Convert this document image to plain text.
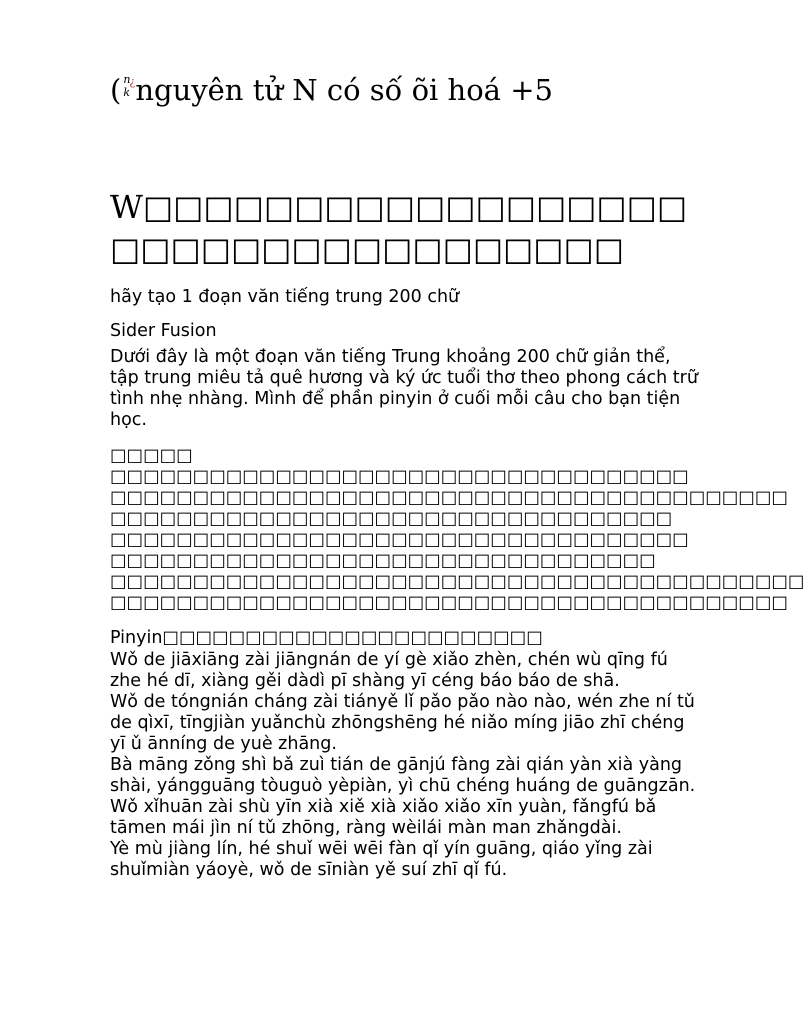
( n
¿
k nguyên tử N có số õi hoá +5
W□□□□□□□□□□□□□□□□□□□□□□□□□□□□□□□□□□□
hãy tạo 1 đoạn văn tiếng trung 200 chữ
Sider Fusion
Dưới đây là một đoạn văn tiếng Trung khoảng 200 chữ giản thể, tập trung miêu tả quê hương và ký ức tuổi thơ theo phong cách trữ tình nhẹ nhàng. Mình để phần pinyin ở cuối mỗi câu cho bạn tiện học.
□□□□□
□□□□□□□□□□□□□□□□□□□□□□□□□□□□□□□□□□□
□□□□□□□□□□□□□□□□□□□□□□□□□□□□□□□□□□□□□□□□□
□□□□□□□□□□□□□□□□□□□□□□□□□□□□□□□□□□
□□□□□□□□□□□□□□□□□□□□□□□□□□□□□□□□□□□
□□□□□□□□□□□□□□□□□□□□□□□□□□□□□□□□□
□□□□□□□□□□□□□□□□□□□□□□□□□□□□□□□□□□□□□□□□□□
□□□□□□□□□□□□□□□□□□□□□□□□□□□□□□□□□□□□□□□□□
Pinyin□□□□□□□□□□□□□□□□□□□□□□□

Wǒ de jiāxiāng zài jiāngnán de yí gè xiǎo zhèn, chén wù qīng fú zhe hé dī, xiàng gěi dàdì pī shàng yī céng báo báo de shā.

Wǒ de tóngnián cháng zài tiányě lǐ pǎo pǎo nào nào, wén zhe ní tǔ de qìxī, tīngjiàn yuǎnchù zhōngshēng hé niǎo míng jiāo zhī chéng yī ǔ ānníng de yuè zhāng.

Bà māng zǒng shì bǎ zuì tián de gānjú fàng zài qián yàn xià yàng shài, yángguāng tòuguò yèpiàn, yì chū chéng huáng de guāngzān.

Wǒ xǐhuān zài shù yīn xià xiě xià xiǎo xiǎo xīn yuàn, fǎngfú bǎ tāmen mái jìn ní tǔ zhōng, ràng wèilái màn man zhǎngdài.

Yè mù jiàng lín, hé shuǐ wēi wēi fàn qǐ yín guāng, qiáo yǐng zài shuǐmiàn yáoyè, wǒ de sīniàn yě suí zhī qǐ fú.
